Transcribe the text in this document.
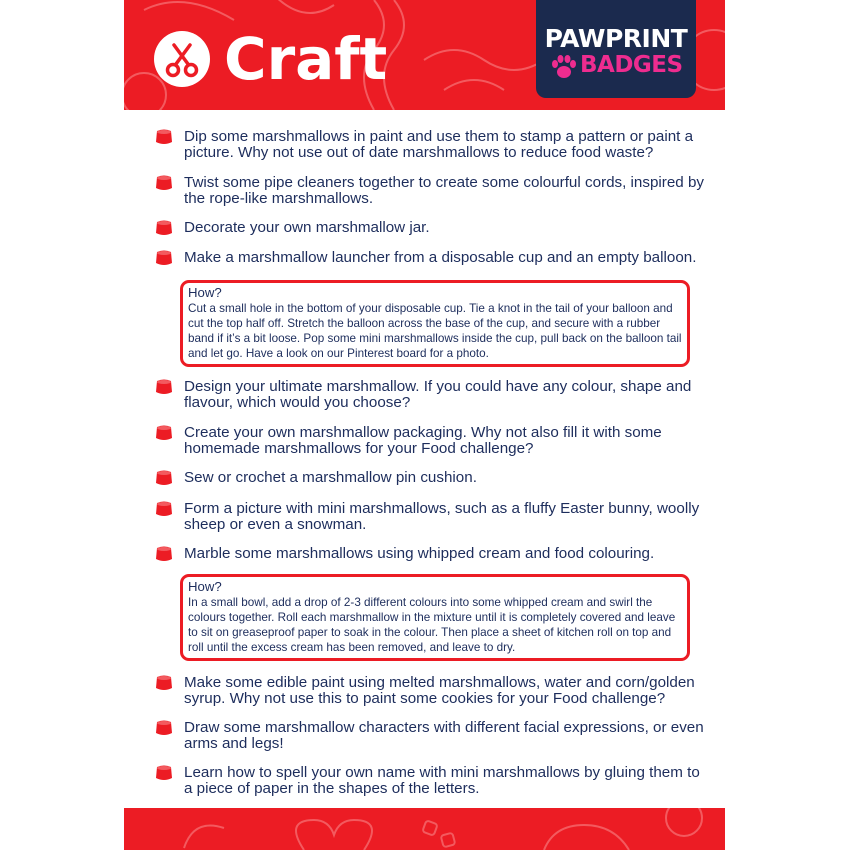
Craft	PAWPRINT
BADGES
Dip some marshmallows in paint and use them to stamp a pattern or paint a picture. Why not use out of date marshmallows to reduce food waste?
Twist some pipe cleaners together to create some colourful cords, inspired by the rope-like marshmallows.
Decorate your own marshmallow jar.
Make a marshmallow launcher from a disposable cup and an empty balloon.
How?
Cut a small hole in the bottom of your disposable cup. Tie a knot in the tail of your balloon and cut the top half off. Stretch the balloon across the base of the cup, and secure with a rubber band if it’s a bit loose. Pop some mini marshmallows inside the cup, pull back on the balloon tail and let go. Have a look on our Pinterest board for a photo.
Design your ultimate marshmallow. If you could have any colour, shape and flavour, which would you choose?
Create your own marshmallow packaging. Why not also fill it with some homemade marshmallows for your Food challenge?
Sew or crochet a marshmallow pin cushion.
Form a picture with mini marshmallows, such as a fluffy Easter bunny, woolly sheep or even a snowman.
Marble some marshmallows using whipped cream and food colouring.
How?
In a small bowl, add a drop of 2-3 different colours into some whipped cream and swirl the colours together. Roll each marshmallow in the mixture until it is completely covered and leave to sit on greaseproof paper to soak in the colour. Then place a sheet of kitchen roll on top and roll until the excess cream has been removed, and leave to dry.
Make some edible paint using melted marshmallows, water and corn/golden syrup. Why not use this to paint some cookies for your Food challenge?
Draw some marshmallow characters with different facial expressions, or even arms and legs!
Learn how to spell your own name with mini marshmallows by gluing them to a piece of paper in the shapes of the letters.
